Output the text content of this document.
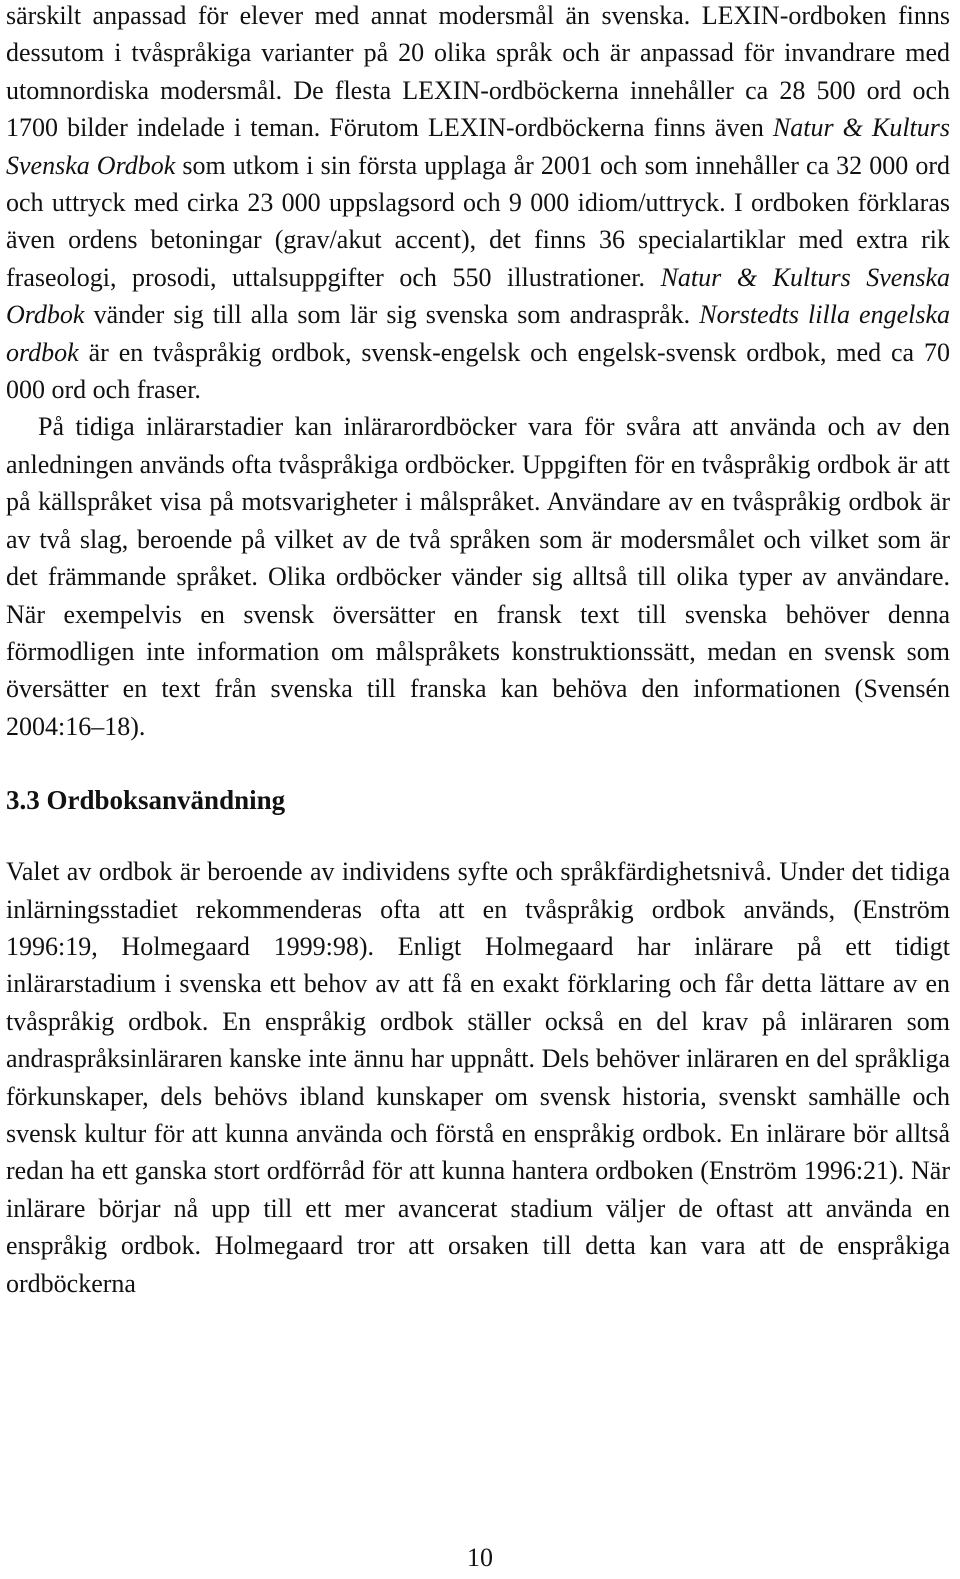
särskilt anpassad för elever med annat modersmål än svenska. LEXIN-ordboken finns dessutom i tvåspråkiga varianter på 20 olika språk och är anpassad för invandrare med utomnordiska modersmål. De flesta LEXIN-ordböckerna innehåller ca 28 500 ord och 1700 bilder indelade i teman. Förutom LEXIN-ordböckerna finns även Natur & Kulturs Svenska Ordbok som utkom i sin första upplaga år 2001 och som innehåller ca 32 000 ord och uttryck med cirka 23 000 uppslagsord och 9 000 idiom/uttryck. I ordboken förklaras även ordens betoningar (grav/akut accent), det finns 36 specialartiklar med extra rik fraseologi, prosodi, uttalsuppgifter och 550 illustrationer. Natur & Kulturs Svenska Ordbok vänder sig till alla som lär sig svenska som andraspråk. Norstedts lilla engelska ordbok är en tvåspråkig ordbok, svensk-engelsk och engelsk-svensk ordbok, med ca 70 000 ord och fraser.

På tidiga inlärarstadier kan inlärarordböcker vara för svåra att använda och av den anledningen används ofta tvåspråkiga ordböcker. Uppgiften för en tvåspråkig ordbok är att på källspråket visa på motsvarigheter i målspråket. Användare av en tvåspråkig ordbok är av två slag, beroende på vilket av de två språken som är modersmålet och vilket som är det främmande språket. Olika ordböcker vänder sig alltså till olika typer av användare. När exempelvis en svensk översätter en fransk text till svenska behöver denna förmodligen inte information om målspråkets konstruktionssätt, medan en svensk som översätter en text från svenska till franska kan behöva den informationen (Svensén 2004:16–18).

3.3 Ordboksanvändning

Valet av ordbok är beroende av individens syfte och språkfärdighetsnivå. Under det tidiga inlärningsstadiet rekommenderas ofta att en tvåspråkig ordbok används, (Enström 1996:19, Holmegaard 1999:98). Enligt Holmegaard har inlärare på ett tidigt inlärarstadium i svenska ett behov av att få en exakt förklaring och får detta lättare av en tvåspråkig ordbok. En enspråkig ordbok ställer också en del krav på inläraren som andraspråksinläraren kanske inte ännu har uppnått. Dels behöver inläraren en del språkliga förkunskaper, dels behövs ibland kunskaper om svensk historia, svenskt samhälle och svensk kultur för att kunna använda och förstå en enspråkig ordbok. En inlärare bör alltså redan ha ett ganska stort ordförråd för att kunna hantera ordboken (Enström 1996:21). När inlärare börjar nå upp till ett mer avancerat stadium väljer de oftast att använda en enspråkig ordbok. Holmegaard tror att orsaken till detta kan vara att de enspråkiga ordböckerna

10
